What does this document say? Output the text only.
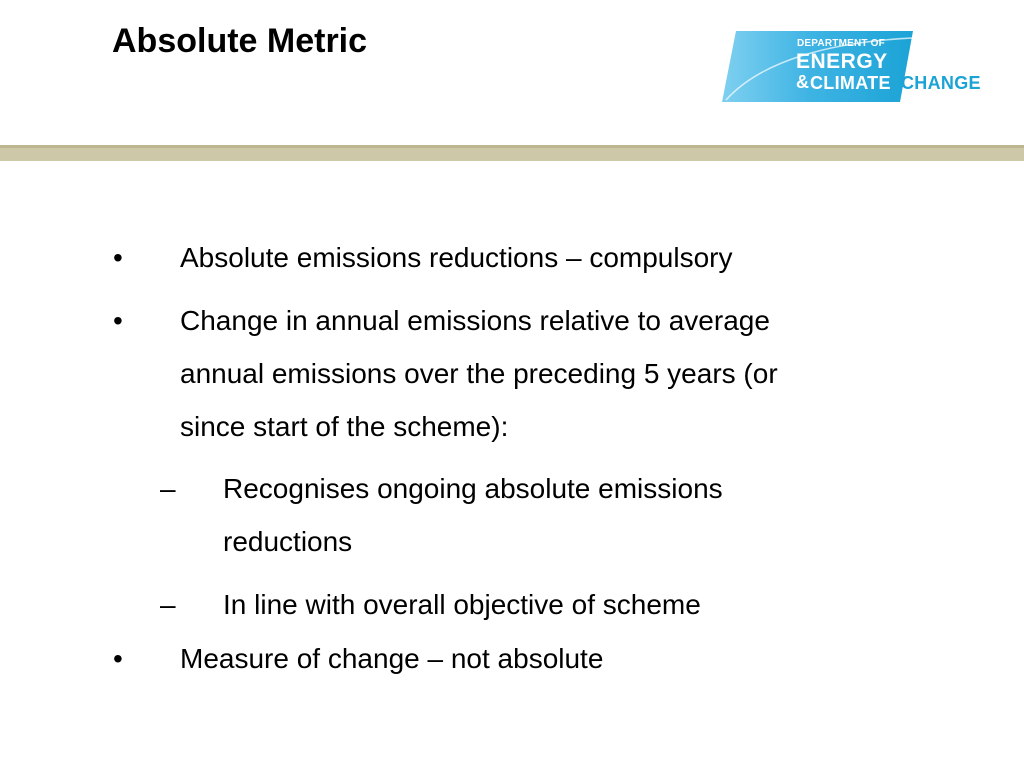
Absolute Metric	DEPARTMENT OF
ENERGY
& CLIMATE CHANGE
• Absolute emissions reductions – compulsory
• Change in annual emissions relative to average
annual emissions over the preceding 5 years (or
since start of the scheme):
– Recognises ongoing absolute emissions
reductions
– In line with overall objective of scheme
• Measure of change – not absolute
